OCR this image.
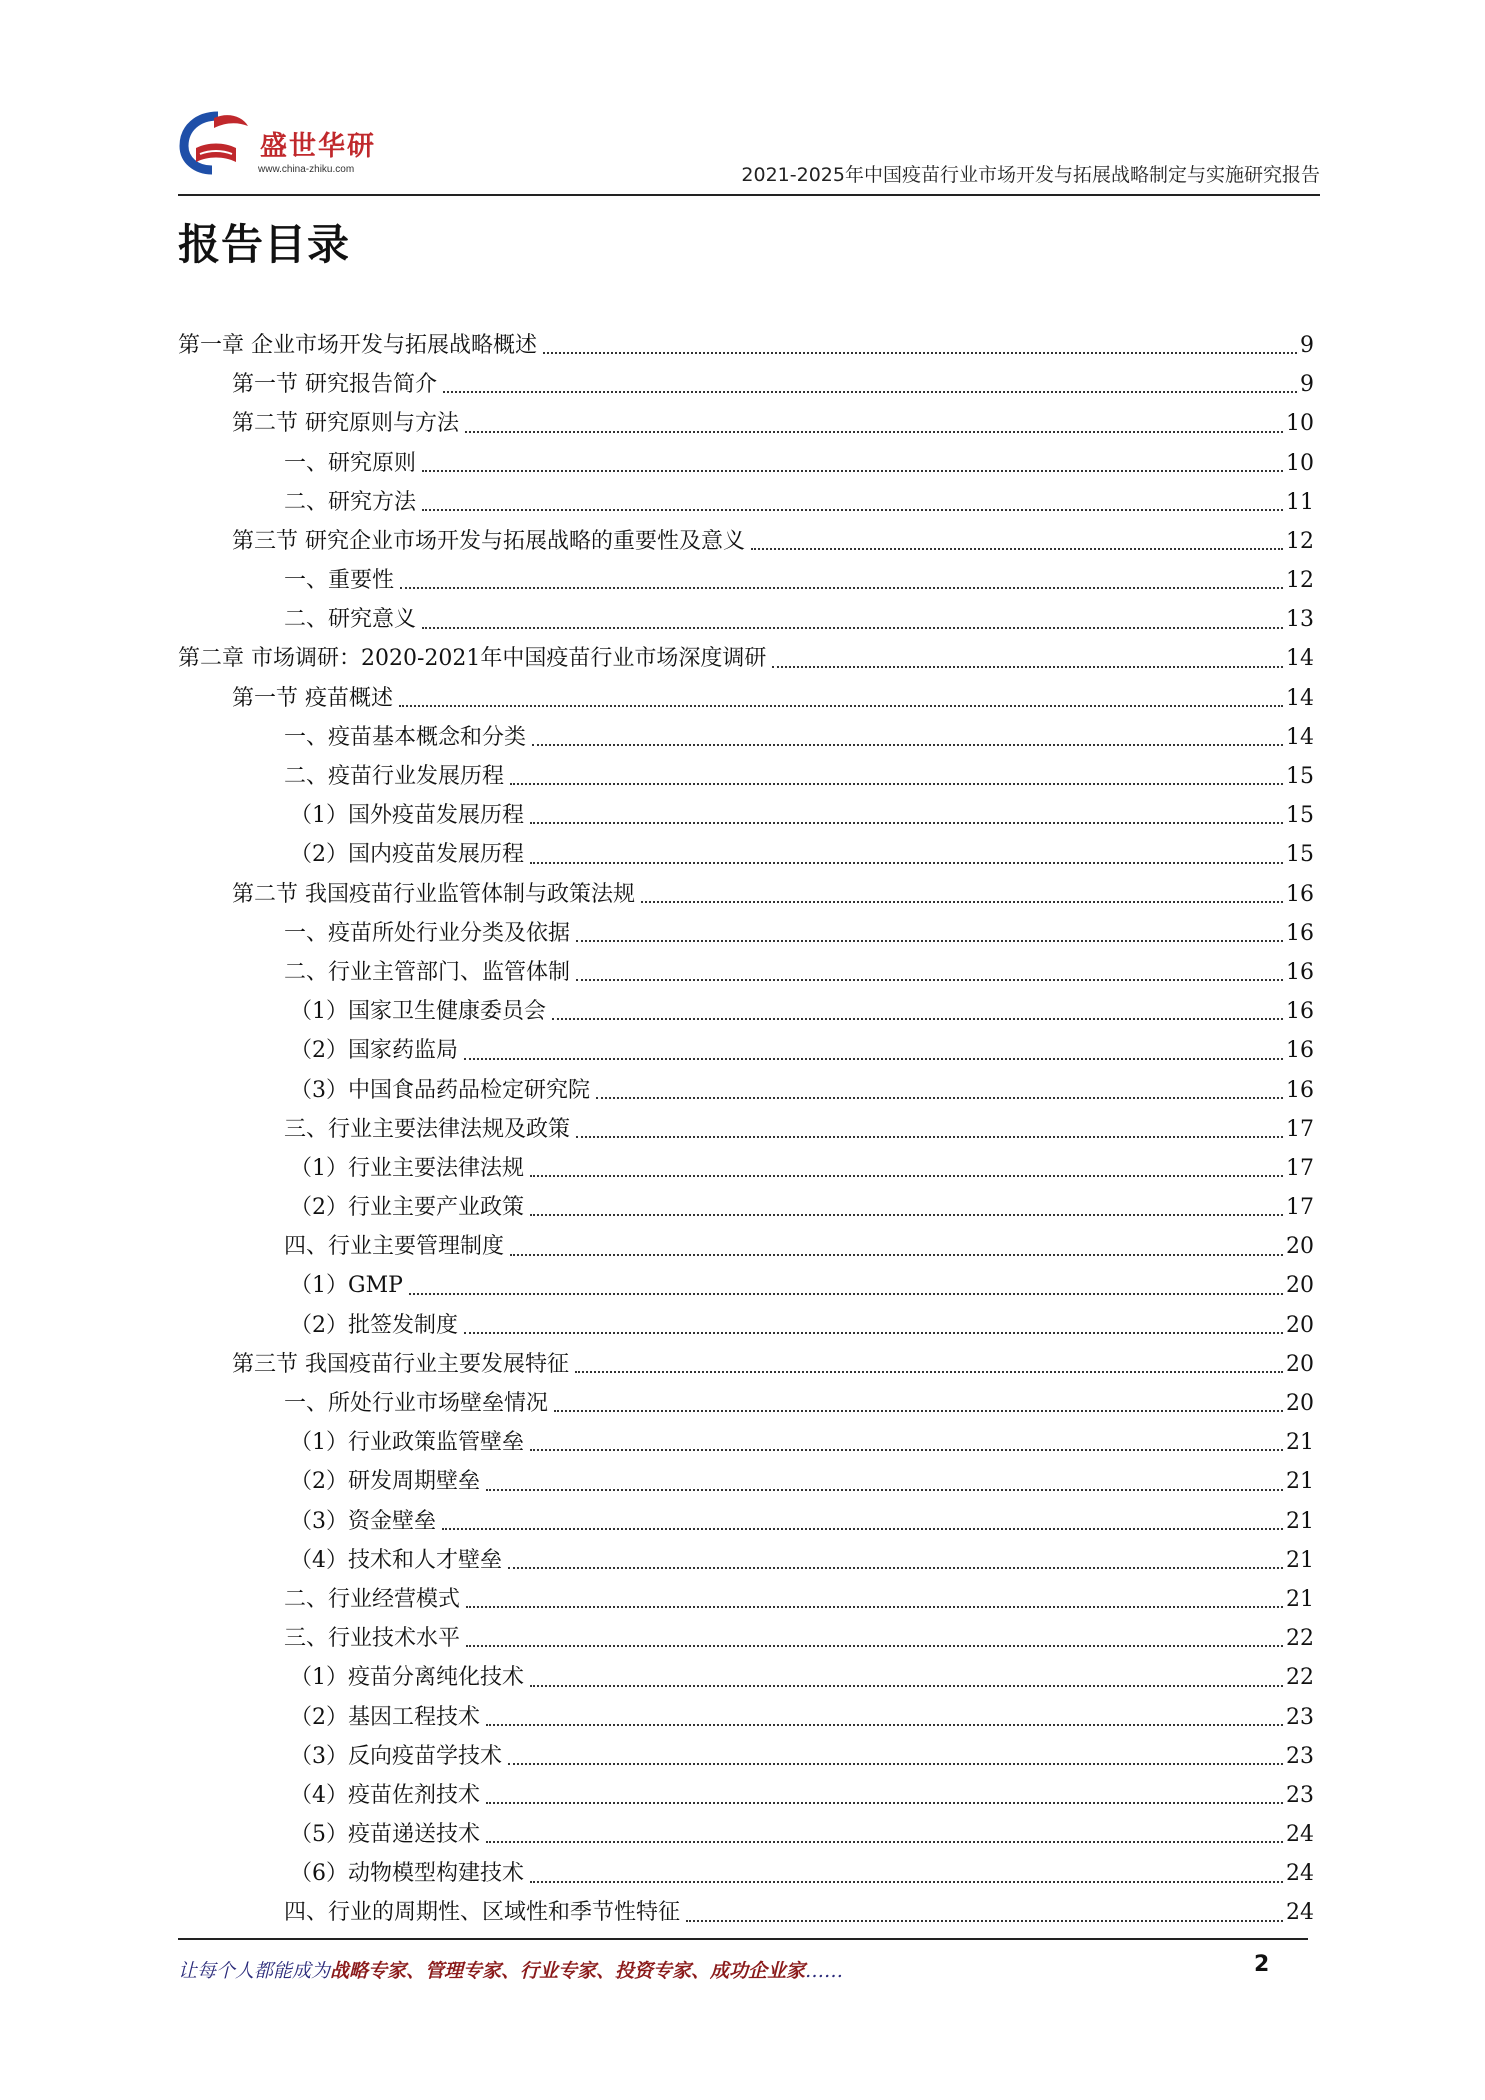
盛世华研
www.china-zhiku.com	2021-2025年中国疫苗行业市场开发与拓展战略制定与实施研究报告
报告目录
第一章 企业市场开发与拓展战略概述	9
第一节 研究报告简介	9
第二节 研究原则与方法	10
一、研究原则	10
二、研究方法	11
第三节 研究企业市场开发与拓展战略的重要性及意义	12
一、重要性	12
二、研究意义	13
第二章 市场调研：2020-2021年中国疫苗行业市场深度调研	14
第一节 疫苗概述	14
一、疫苗基本概念和分类	14
二、疫苗行业发展历程	15
（1）国外疫苗发展历程	15
（2）国内疫苗发展历程	15
第二节 我国疫苗行业监管体制与政策法规	16
一、疫苗所处行业分类及依据	16
二、行业主管部门、监管体制	16
（1）国家卫生健康委员会	16
（2）国家药监局	16
（3）中国食品药品检定研究院	16
三、行业主要法律法规及政策	17
（1）行业主要法律法规	17
（2）行业主要产业政策	17
四、行业主要管理制度	20
（1）GMP	20
（2）批签发制度	20
第三节 我国疫苗行业主要发展特征	20
一、所处行业市场壁垒情况	20
（1）行业政策监管壁垒	21
（2）研发周期壁垒	21
（3）资金壁垒	21
（4）技术和人才壁垒	21
二、行业经营模式	21
三、行业技术水平	22
（1）疫苗分离纯化技术	22
（2）基因工程技术	23
（3）反向疫苗学技术	23
（4）疫苗佐剂技术	23
（5）疫苗递送技术	24
（6）动物模型构建技术	24
四、行业的周期性、区域性和季节性特征	24
让每个人都能成为战略专家、管理专家、行业专家、投资专家、成功企业家……	2
